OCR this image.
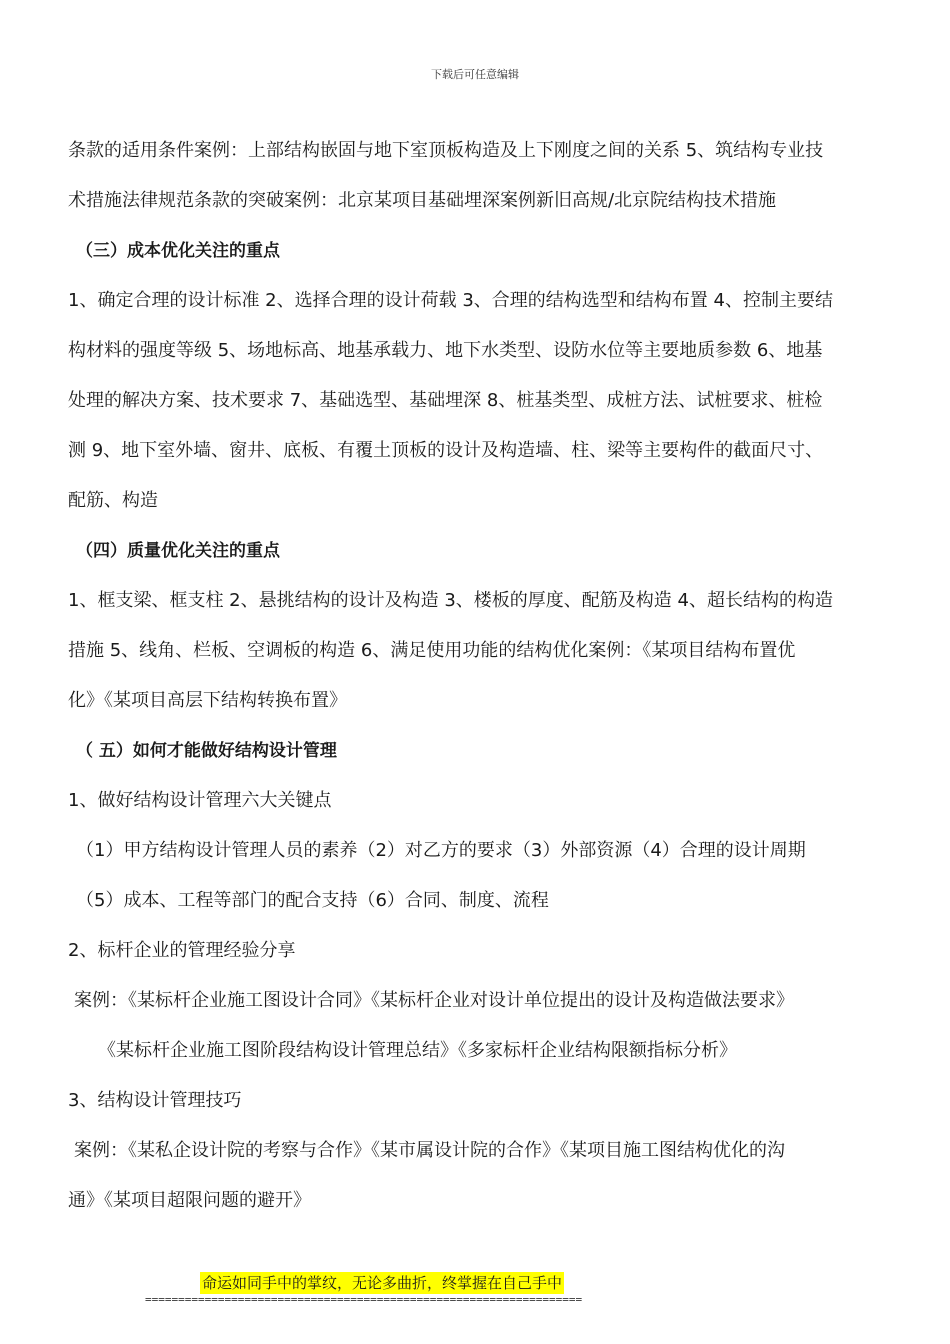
下载后可任意编辑
条款的适用条件案例：上部结构嵌固与地下室顶板构造及上下刚度之间的关系 5、筑结构专业技
术措施法律规范条款的突破案例：北京某项目基础埋深案例新旧高规/北京院结构技术措施
（三）成本优化关注的重点
1、确定合理的设计标准 2、选择合理的设计荷载 3、合理的结构选型和结构布置 4、控制主要结
构材料的强度等级 5、场地标高、地基承载力、地下水类型、设防水位等主要地质参数 6、地基
处理的解决方案、技术要求 7、基础选型、基础埋深 8、桩基类型、成桩方法、试桩要求、桩检
测 9、地下室外墙、窗井、底板、有覆土顶板的设计及构造墙、柱、梁等主要构件的截面尺寸、
配筋、构造
（四）质量优化关注的重点
1、框支梁、框支柱 2、悬挑结构的设计及构造 3、楼板的厚度、配筋及构造 4、超长结构的构造
措施 5、线角、栏板、空调板的构造 6、满足使用功能的结构优化案例：《某项目结构布置优
化》《某项目高层下结构转换布置》
（ 五）如何才能做好结构设计管理
1、做好结构设计管理六大关键点
（1）甲方结构设计管理人员的素养（2）对乙方的要求（3）外部资源（4）合理的设计周期
（5）成本、工程等部门的配合支持（6）合同、制度、流程
2、标杆企业的管理经验分享
案例：《某标杆企业施工图设计合同》《某标杆企业对设计单位提出的设计及构造做法要求》
《某标杆企业施工图阶段结构设计管理总结》《多家标杆企业结构限额指标分析》
3、结构设计管理技巧
案例：《某私企设计院的考察与合作》《某市属设计院的合作》《某项目施工图结构优化的沟
通》《某项目超限问题的避开》
命运如同手中的掌纹，无论多曲折，终掌握在自己手中
==================================================================
